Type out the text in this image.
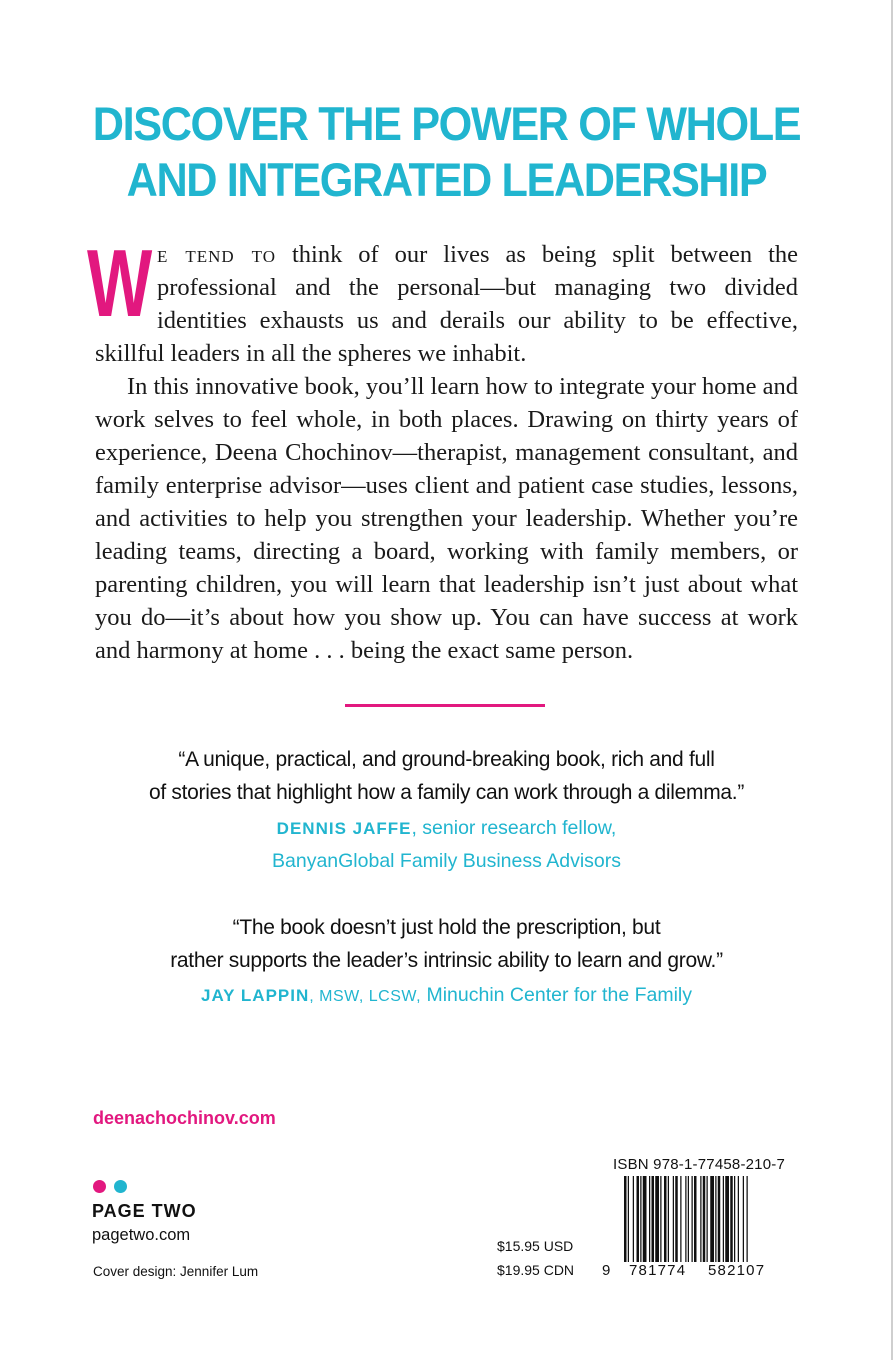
DISCOVER THE POWER OF WHOLE
AND INTEGRATED LEADERSHIP

We tend to think of our lives as being split between the professional and the personal—but managing two divided identities exhausts us and derails our ability to be effective, skillful leaders in all the spheres we inhabit.

In this innovative book, you’ll learn how to integrate your home and work selves to feel whole, in both places. Drawing on thirty years of experience, Deena Chochinov—therapist, management consultant, and family enterprise advisor—uses client and patient case studies, lessons, and activities to help you strengthen your leadership. Whether you’re leading teams, directing a board, working with family members, or parenting children, you will learn that leadership isn’t just about what you do—it’s about how you show up. You can have success at work and harmony at home . . . being the exact same person.

“A unique, practical, and ground-breaking book, rich and full
of stories that highlight how a family can work through a dilemma.”
DENNIS JAFFE, senior research fellow,
BanyanGlobal Family Business Advisors
“The book doesn’t just hold the prescription, but
rather supports the leader’s intrinsic ability to learn and grow.”
JAY LAPPIN, MSW, LCSW, Minuchin Center for the Family
deenachochinov.com
PAGE TWO
pagetwo.com
Cover design: Jennifer Lum
$15.95 USD
$19.95 CDN
ISBN 978-1-77458-210-7
9 781774 582107
